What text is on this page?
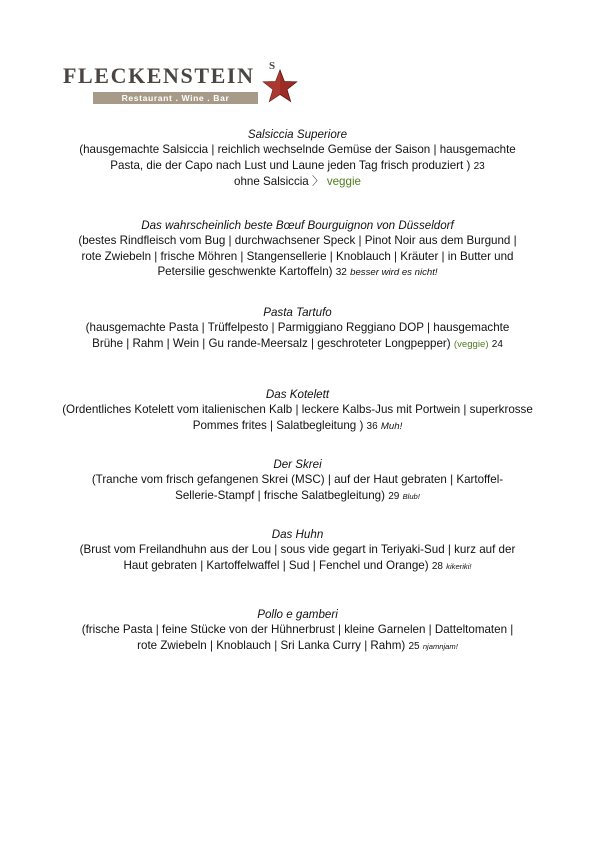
FLECKENSTEIN S
Restaurant . Wine . Bar

Salsiccia Superiore

(hausgemachte Salsiccia | reichlich wechselnde Gemüse der Saison | hausgemachte

Pasta, die der Capo nach Lust und Laune jeden Tag frisch produziert ) 23

ohne Salsiccia 〉 veggie

Das wahrscheinlich beste Bœuf Bourguignon von Düsseldorf

(bestes Rindfleisch vom Bug | durchwachsener Speck | Pinot Noir aus dem Burgund |

rote Zwiebeln | frische Möhren | Stangensellerie | Knoblauch | Kräuter | in Butter und

Petersilie geschwenkte Kartoffeln) 32 besser wird es nicht!

Pasta Tartufo

(hausgemachte Pasta | Trüffelpesto | Parmiggiano Reggiano DOP | hausgemachte

Brühe | Rahm | Wein | Gu rande-Meersalz | geschroteter Longpepper) (veggie) 24

Das Kotelett

(Ordentliches Kotelett vom italienischen Kalb | leckere Kalbs-Jus mit Portwein | superkrosse

Pommes frites | Salatbegleitung ) 36 Muh!

Der Skrei

(Tranche vom frisch gefangenen Skrei (MSC) | auf der Haut gebraten | Kartoffel-

Sellerie-Stampf | frische Salatbegleitung) 29 Blub!

Das Huhn

(Brust vom Freilandhuhn aus der Lou | sous vide gegart in Teriyaki-Sud | kurz auf der

Haut gebraten | Kartoffelwaffel | Sud | Fenchel und Orange) 28 kikeriki!

Pollo e gamberi

(frische Pasta | feine Stücke von der Hühnerbrust | kleine Garnelen | Datteltomaten |

rote Zwiebeln | Knoblauch | Sri Lanka Curry | Rahm) 25 njamnjam!
